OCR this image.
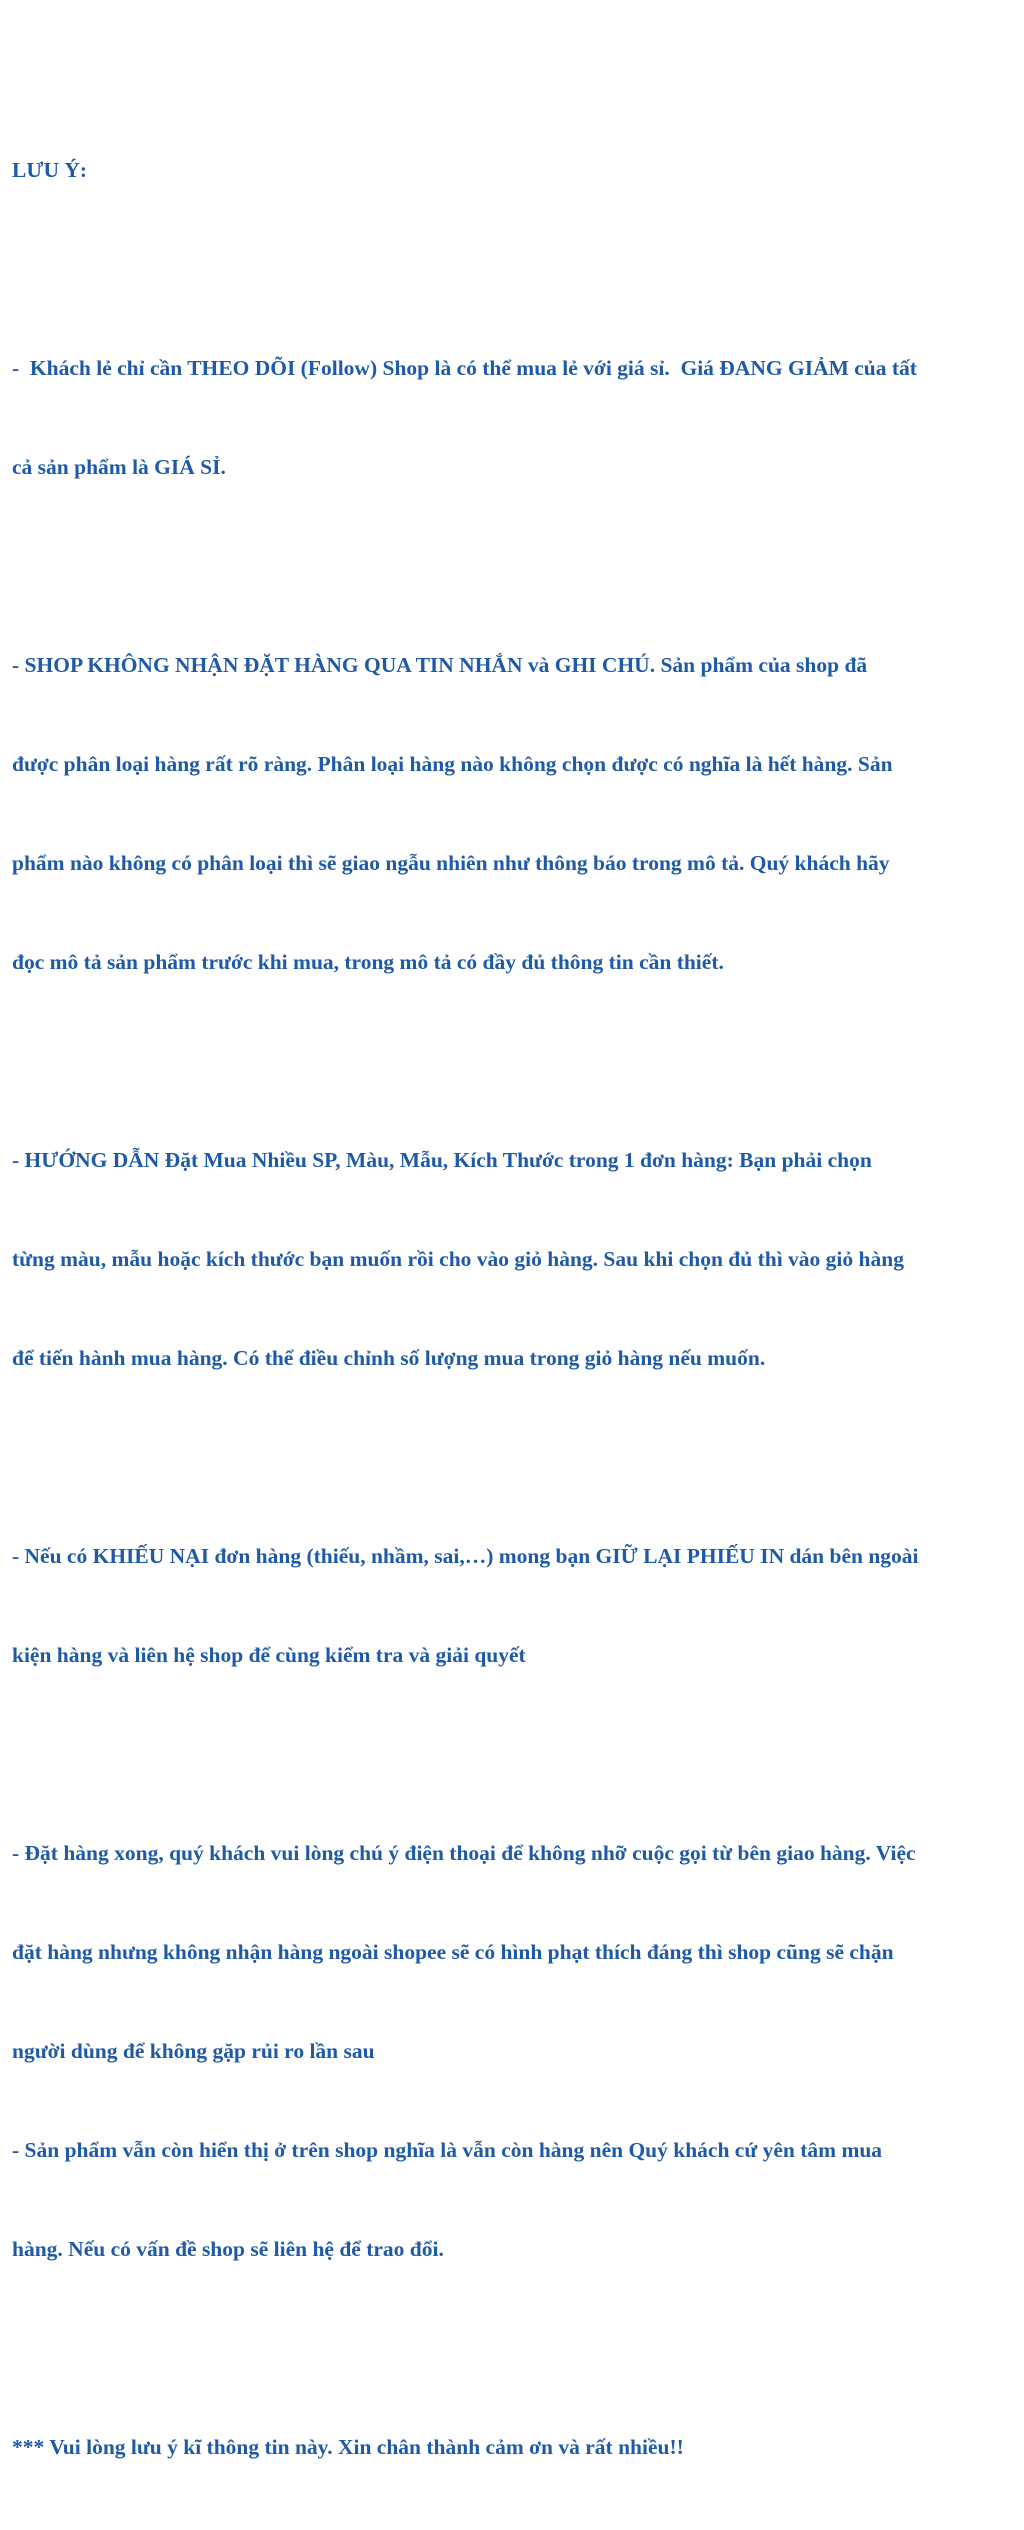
LƯU Ý:

-  Khách lẻ chỉ cần THEO DÕI (Follow) Shop là có thể mua lẻ với giá sỉ.  Giá ĐANG GIẢM của tất

cả sản phẩm là GIÁ SỈ.

- SHOP KHÔNG NHẬN ĐẶT HÀNG QUA TIN NHẮN và GHI CHÚ. Sản phẩm của shop đã

được phân loại hàng rất rõ ràng. Phân loại hàng nào không chọn được có nghĩa là hết hàng. Sản

phẩm nào không có phân loại thì sẽ giao ngẫu nhiên như thông báo trong mô tả. Quý khách hãy

đọc mô tả sản phẩm trước khi mua, trong mô tả có đầy đủ thông tin cần thiết.

- HƯỚNG DẪN Đặt Mua Nhiều SP, Màu, Mẫu, Kích Thước trong 1 đơn hàng: Bạn phải chọn

từng màu, mẫu hoặc kích thước bạn muốn rồi cho vào giỏ hàng. Sau khi chọn đủ thì vào giỏ hàng

để tiến hành mua hàng. Có thể điều chỉnh số lượng mua trong giỏ hàng nếu muốn.

- Nếu có KHIẾU NẠI đơn hàng (thiếu, nhầm, sai,…) mong bạn GIỮ LẠI PHIẾU IN dán bên ngoài

kiện hàng và liên hệ shop để cùng kiểm tra và giải quyết

- Đặt hàng xong, quý khách vui lòng chú ý điện thoại để không nhỡ cuộc gọi từ bên giao hàng. Việc

đặt hàng nhưng không nhận hàng ngoài shopee sẽ có hình phạt thích đáng thì shop cũng sẽ chặn

người dùng để không gặp rủi ro lần sau

- Sản phẩm vẫn còn hiển thị ở trên shop nghĩa là vẫn còn hàng nên Quý khách cứ yên tâm mua

hàng. Nếu có vấn đề shop sẽ liên hệ để trao đổi.

*** Vui lòng lưu ý kĩ thông tin này. Xin chân thành cảm ơn và rất nhiều!!
